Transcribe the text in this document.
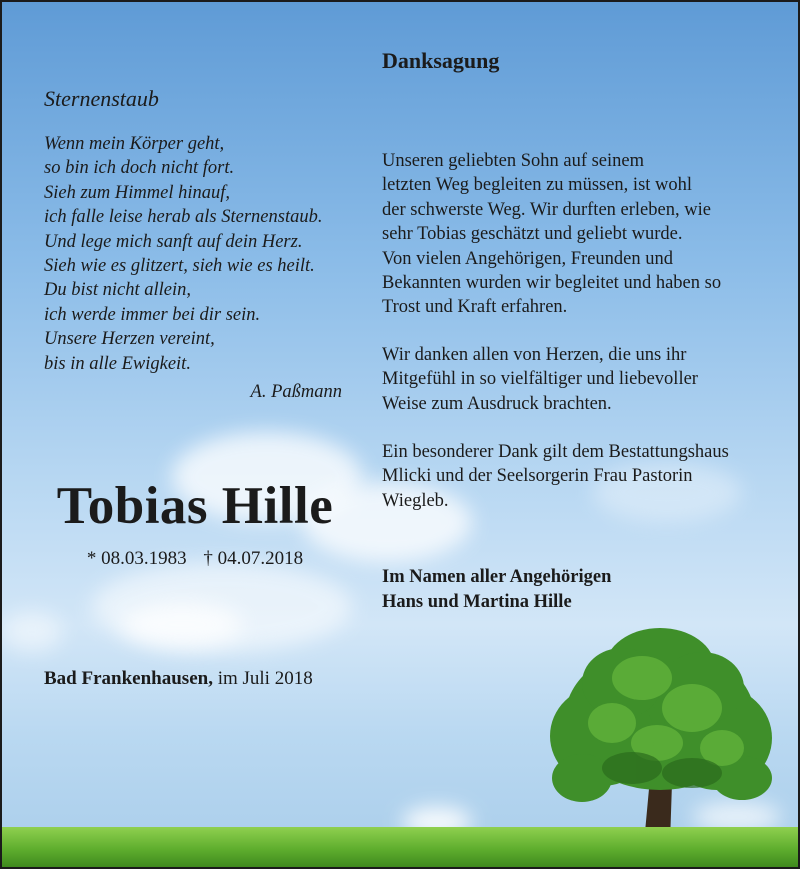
Sternenstaub

Wenn mein Körper geht,
so bin ich doch nicht fort.
Sieh zum Himmel hinauf,
ich falle leise herab als Sternenstaub.
Und lege mich sanft auf dein Herz.
Sieh wie es glitzert, sieh wie es heilt.
Du bist nicht allein,
ich werde immer bei dir sein.
Unsere Herzen vereint,
bis in alle Ewigkeit.

A. Paßmann

Tobias Hille

* 08.03.1983 † 04.07.2018

Bad Frankenhausen, im Juli 2018

Danksagung

Unseren geliebten Sohn auf seinem
letzten Weg begleiten zu müssen, ist wohl
der schwerste Weg. Wir durften erleben, wie
sehr Tobias geschätzt und geliebt wurde.
Von vielen Angehörigen, Freunden und
Bekannten wurden wir begleitet und haben so
Trost und Kraft erfahren.
Wir danken allen von Herzen, die uns ihr
Mitgefühl in so vielfältiger und liebevoller
Weise zum Ausdruck brachten.
Ein besonderer Dank gilt dem Bestattungshaus
Mlicki und der Seelsorgerin Frau Pastorin
Wiegleb.
Im Namen aller Angehörigen
Hans und Martina Hille
